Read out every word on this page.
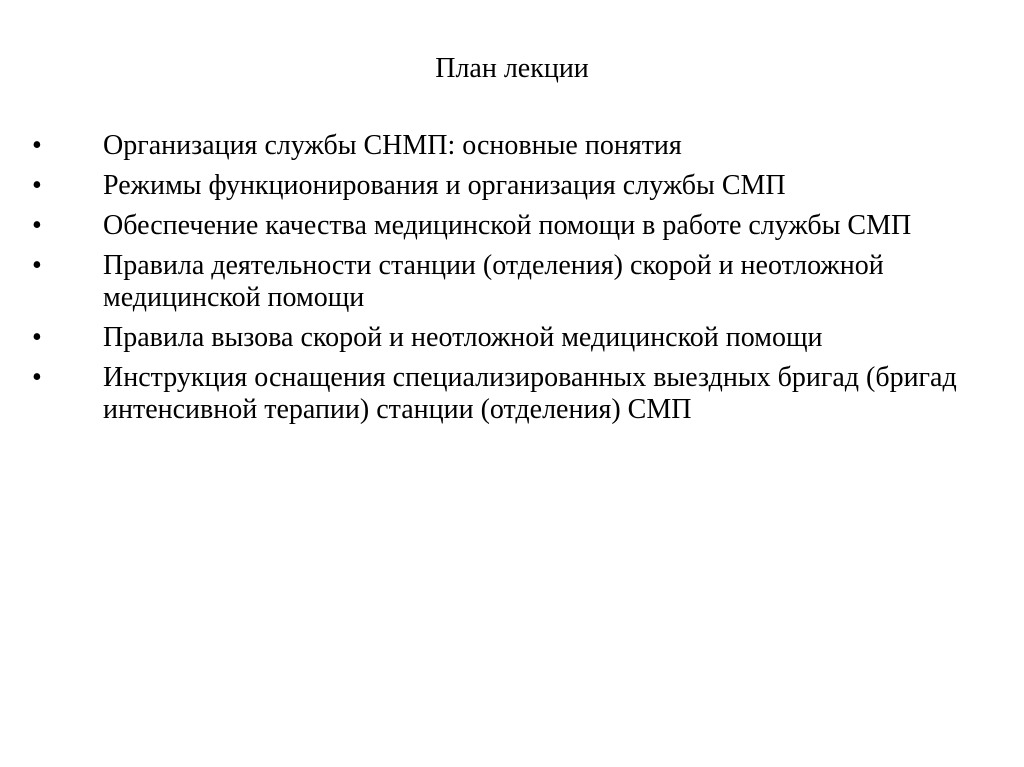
План лекции
•	Организация службы СНМП: основные понятия
•	Режимы функционирования и организация службы СМП
•	Обеспечение качества медицинской помощи в работе службы СМП
•	Правила деятельности станции (отделения) скорой и неотложной медицинской помощи
•	Правила вызова скорой и неотложной медицинской помощи
•	Инструкция оснащения специализированных выездных бригад (бригад интенсивной терапии) станции (отделения) СМП
